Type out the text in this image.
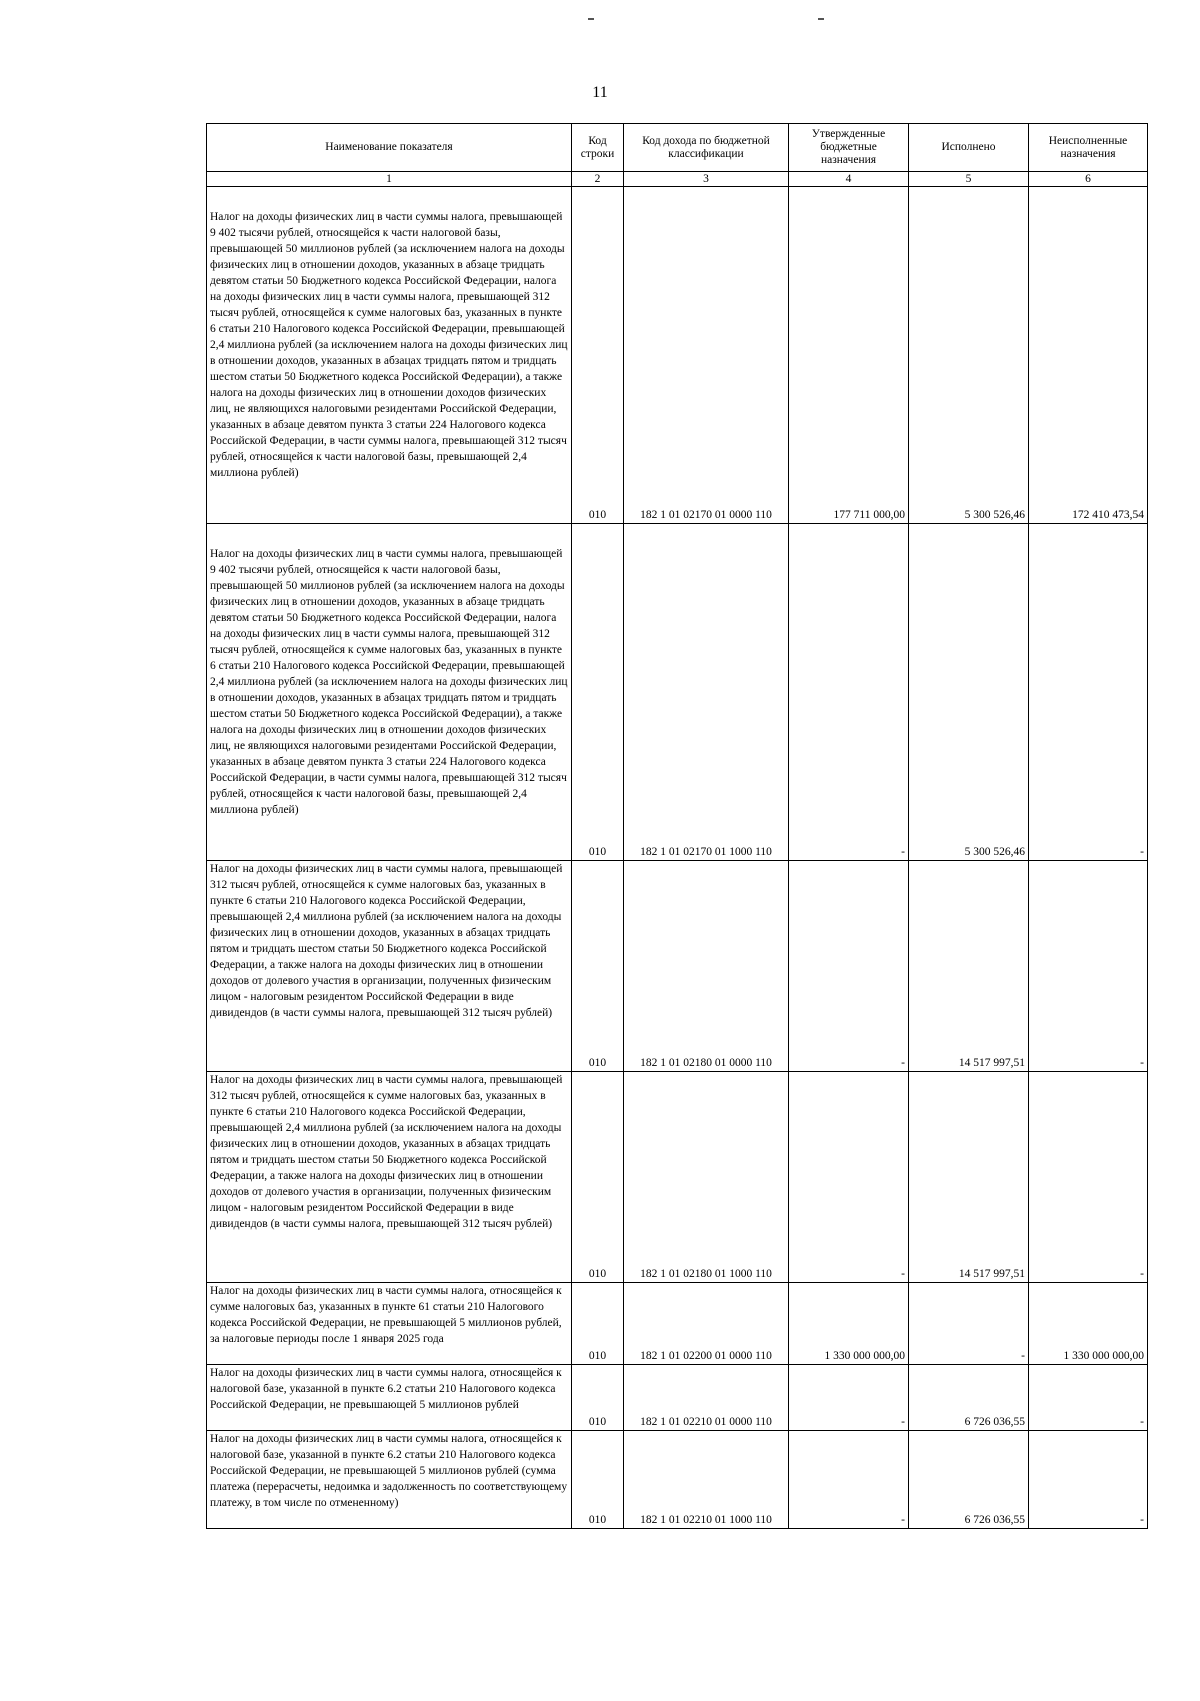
11
Наименование показателя	Код строки	Код дохода по бюджетной классификации	Утвержденные бюджетные назначения	Исполнено	Неисполненные назначения
1	2	3	4	5	6
Налог на доходы физических лиц в части суммы налога, превышающей 9 402 тысячи рублей, относящейся к части налоговой базы, превышающей 50 миллионов рублей (за исключением налога на доходы физических лиц в отношении доходов, указанных в абзаце тридцать девятом статьи 50 Бюджетного кодекса Российской Федерации, налога на доходы физических лиц в части суммы налога, превышающей 312 тысяч рублей, относящейся к сумме налоговых баз, указанных в пункте 6 статьи 210 Налогового кодекса Российской Федерации, превышающей 2,4 миллиона рублей (за исключением налога на доходы физических лиц в отношении доходов, указанных в абзацах тридцать пятом и тридцать шестом статьи 50 Бюджетного кодекса Российской Федерации), а также налога на доходы физических лиц в отношении доходов физических лиц, не являющихся налоговыми резидентами Российской Федерации, указанных в абзаце девятом пункта 3 статьи 224 Налогового кодекса Российской Федерации, в части суммы налога, превышающей 312 тысяч рублей, относящейся к части налоговой базы, превышающей 2,4 миллиона рублей)	010	182 1 01 02170 01 0000 110	177 711 000,00	5 300 526,46	172 410 473,54
Налог на доходы физических лиц в части суммы налога, превышающей 9 402 тысячи рублей, относящейся к части налоговой базы, превышающей 50 миллионов рублей (за исключением налога на доходы физических лиц в отношении доходов, указанных в абзаце тридцать девятом статьи 50 Бюджетного кодекса Российской Федерации, налога на доходы физических лиц в части суммы налога, превышающей 312 тысяч рублей, относящейся к сумме налоговых баз, указанных в пункте 6 статьи 210 Налогового кодекса Российской Федерации, превышающей 2,4 миллиона рублей (за исключением налога на доходы физических лиц в отношении доходов, указанных в абзацах тридцать пятом и тридцать шестом статьи 50 Бюджетного кодекса Российской Федерации), а также налога на доходы физических лиц в отношении доходов физических лиц, не являющихся налоговыми резидентами Российской Федерации, указанных в абзаце девятом пункта 3 статьи 224 Налогового кодекса Российской Федерации, в части суммы налога, превышающей 312 тысяч рублей, относящейся к части налоговой базы, превышающей 2,4 миллиона рублей)	010	182 1 01 02170 01 1000 110	-	5 300 526,46	-
Налог на доходы физических лиц в части суммы налога, превышающей 312 тысяч рублей, относящейся к сумме налоговых баз, указанных в пункте 6 статьи 210 Налогового кодекса Российской Федерации, превышающей 2,4 миллиона рублей (за исключением налога на доходы физических лиц в отношении доходов, указанных в абзацах тридцать пятом и тридцать шестом статьи 50 Бюджетного кодекса Российской Федерации, а также налога на доходы физических лиц в отношении доходов от долевого участия в организации, полученных физическим лицом - налоговым резидентом Российской Федерации в виде дивидендов (в части суммы налога, превышающей 312 тысяч рублей)	010	182 1 01 02180 01 0000 110	-	14 517 997,51	-
Налог на доходы физических лиц в части суммы налога, превышающей 312 тысяч рублей, относящейся к сумме налоговых баз, указанных в пункте 6 статьи 210 Налогового кодекса Российской Федерации, превышающей 2,4 миллиона рублей (за исключением налога на доходы физических лиц в отношении доходов, указанных в абзацах тридцать пятом и тридцать шестом статьи 50 Бюджетного кодекса Российской Федерации, а также налога на доходы физических лиц в отношении доходов от долевого участия в организации, полученных физическим лицом - налоговым резидентом Российской Федерации в виде дивидендов (в части суммы налога, превышающей 312 тысяч рублей)	010	182 1 01 02180 01 1000 110	-	14 517 997,51	-
Налог на доходы физических лиц в части суммы налога, относящейся к сумме налоговых баз, указанных в пункте 61 статьи 210 Налогового кодекса Российской Федерации, не превышающей 5 миллионов рублей, за налоговые периоды после 1 января 2025 года	010	182 1 01 02200 01 0000 110	1 330 000 000,00	-	1 330 000 000,00
Налог на доходы физических лиц в части суммы налога, относящейся к налоговой базе, указанной в пункте 6.2 статьи 210 Налогового кодекса Российской Федерации, не превышающей 5 миллионов рублей	010	182 1 01 02210 01 0000 110	-	6 726 036,55	-
Налог на доходы физических лиц в части суммы налога, относящейся к налоговой базе, указанной в пункте 6.2 статьи 210 Налогового кодекса Российской Федерации, не превышающей 5 миллионов рублей (сумма платежа (перерасчеты, недоимка и задолженность по соответствующему платежу, в том числе по отмененному)	010	182 1 01 02210 01 1000 110	-	6 726 036,55	-
